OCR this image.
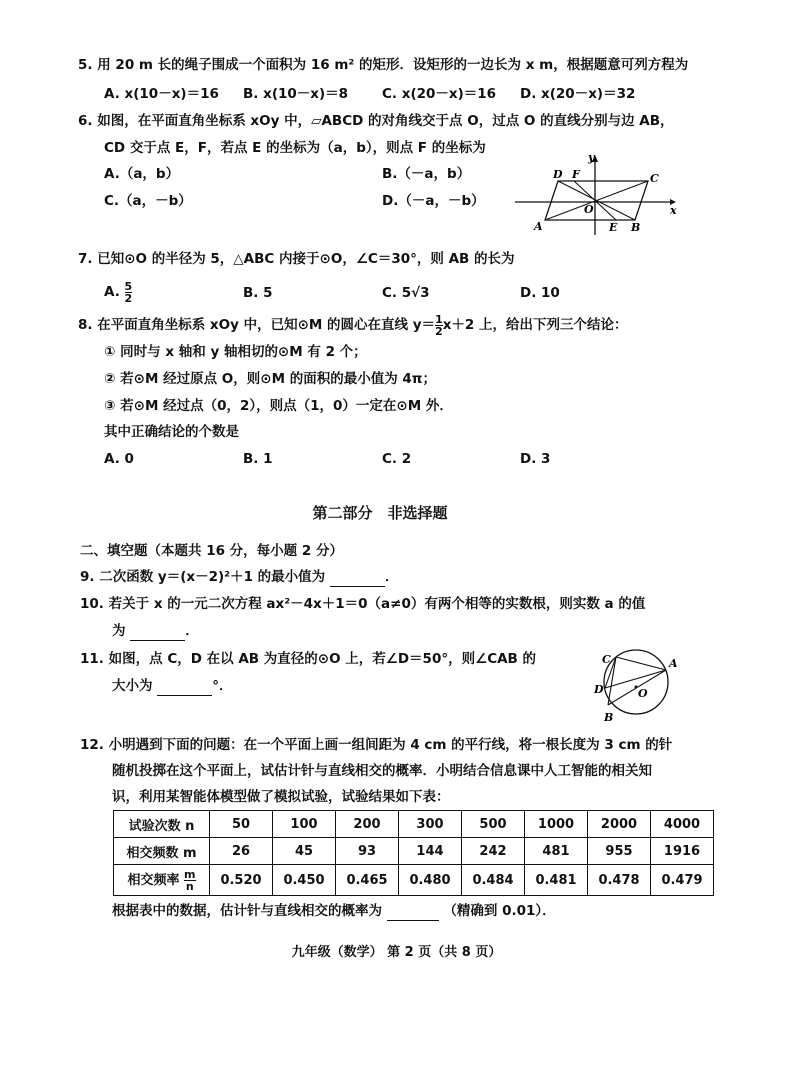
5. 用 20 m 长的绳子围成一个面积为 16 m² 的矩形．设矩形的一边长为 x m，根据题意可列方程为
A. x(10－x)＝16 B. x(10－x)＝8	C. x(20－x)＝16 D. x(20－x)＝32
6. 如图，在平面直角坐标系 xOy 中，▱ABCD 的对角线交于点 O，过点 O 的直线分别与边 AB，
CD 交于点 E，F，若点 E 的坐标为（a，b），则点 F 的坐标为
A.（a，b）	B.（－a，b）
C.（a，－b）	D.（－a，－b）
D F
y
C
O	x
A	E B
7. 已知⊙O 的半径为 5，△ABC 内接于⊙O，∠C＝30°，则 AB 的长为
A. $\frac{5}{2}$	B. 5	C. 5√3	D. 10
8. 在平面直角坐标系 xOy 中，已知⊙M 的圆心在直线 $y= \frac{1}{2} x+2$ 上，给出下列三个结论：
① 同时与 x 轴和 y 轴相切的⊙M 有 2 个；
② 若⊙M 经过原点 O，则⊙M 的面积的最小值为 4π；
③ 若⊙M 经过点（0，2），则点（1，0）一定在⊙M 外．
其中正确结论的个数是
A. 0	B. 1	C. 2	D. 3
第二部分　非选择题
二、填空题（本题共 16 分，每小题 2 分）
9. 二次函数 y＝(x－2)²＋1 的最小值为	．
10. 若关于 x 的一元二次方程 ax²－4x＋1＝0（a≠0）有两个相等的实数根，则实数 a 的值
为	．
11. 如图，点 C，D 在以 AB 为直径的⊙O 上，若∠D＝50°，则∠CAB 的
大小为	°．
C	A
D	O
B
12. 小明遇到下面的问题：在一个平面上画一组间距为 4 cm 的平行线，将一根长度为 3 cm 的针
随机投掷在这个平面上，试估计针与直线相交的概率．小明结合信息课中人工智能的相关知
识，利用某智能体模型做了模拟试验，试验结果如下表：
试验次数 n	50	100	200	300	500	1000	2000	4000
相交频数 m	26	45	93	144	242	481	955	1916
相交频率 $\frac{m}{n}$	0.520	0.450	0.465	0.480	0.484	0.481	0.478	0.479
根据表中的数据，估计针与直线相交的概率为	（精确到 0.01）．
九年级（数学） 第 2 页（共 8 页）
